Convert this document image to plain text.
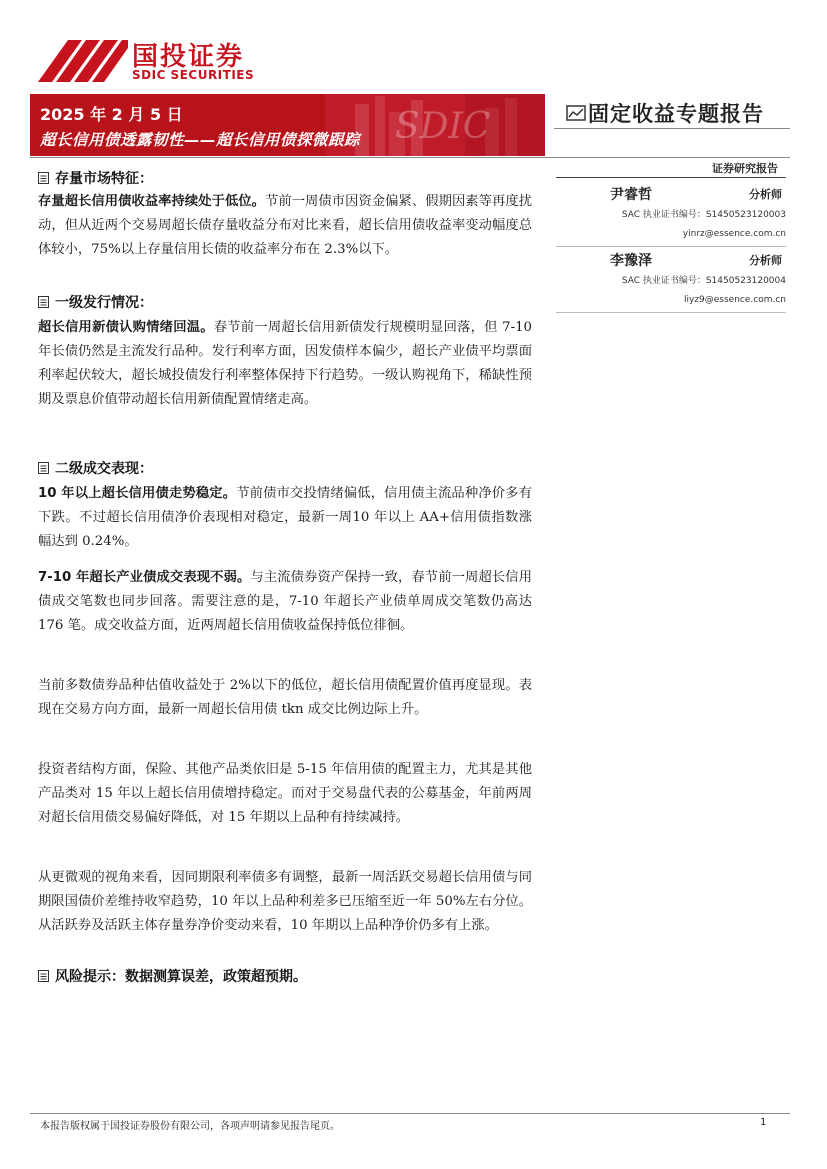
国投证券
SDIC SECURITIES
SDIC
2025 年 2 月 5 日
超长信用债透露韧性——超长信用债探微跟踪
固定收益专题报告
证券研究报告
尹睿哲	分析师
SAC 执业证书编号：S1450523120003
yinrz@essence.com.cn
李豫泽	分析师
SAC 执业证书编号：S1450523120004
liyz9@essence.com.cn
存量市场特征：

存量超长信用债收益率持续处于低位。节前一周债市因资金偏紧、假期因素等再度扰动，但从近两个交易周超长债存量收益分布对比来看，超长信用债收益率变动幅度总体较小，75%以上存量信用长债的收益率分布在 2.3%以下。

一级发行情况：

超长信用新债认购情绪回温。春节前一周超长信用新债发行规模明显回落，但 7-10 年长债仍然是主流发行品种。发行利率方面，因发债样本偏少，超长产业债平均票面利率起伏较大，超长城投债发行利率整体保持下行趋势。一级认购视角下，稀缺性预期及票息价值带动超长信用新债配置情绪走高。

二级成交表现：

10 年以上超长信用债走势稳定。节前债市交投情绪偏低，信用债主流品种净价多有下跌。不过超长信用债净价表现相对稳定，最新一周10 年以上 AA+信用债指数涨幅达到 0.24%。

7-10 年超长产业债成交表现不弱。与主流债券资产保持一致，春节前一周超长信用债成交笔数也同步回落。需要注意的是，7-10 年超长产业债单周成交笔数仍高达 176 笔。成交收益方面，近两周超长信用债收益保持低位徘徊。

当前多数债券品种估值收益处于 2%以下的低位，超长信用债配置价值再度显现。表现在交易方向方面，最新一周超长信用债 tkn 成交比例边际上升。

投资者结构方面，保险、其他产品类依旧是 5-15 年信用债的配置主力，尤其是其他产品类对 15 年以上超长信用债增持稳定。而对于交易盘代表的公募基金，年前两周对超长信用债交易偏好降低，对 15 年期以上品种有持续减持。

从更微观的视角来看，因同期限利率债多有调整，最新一周活跃交易超长信用债与同期限国债价差维持收窄趋势，10 年以上品种利差多已压缩至近一年 50%左右分位。从活跃券及活跃主体存量券净价变动来看，10 年期以上品种净价仍多有上涨。

风险提示：数据测算误差，政策超预期。
本报告版权属于国投证券股份有限公司，各项声明请参见报告尾页。	1
